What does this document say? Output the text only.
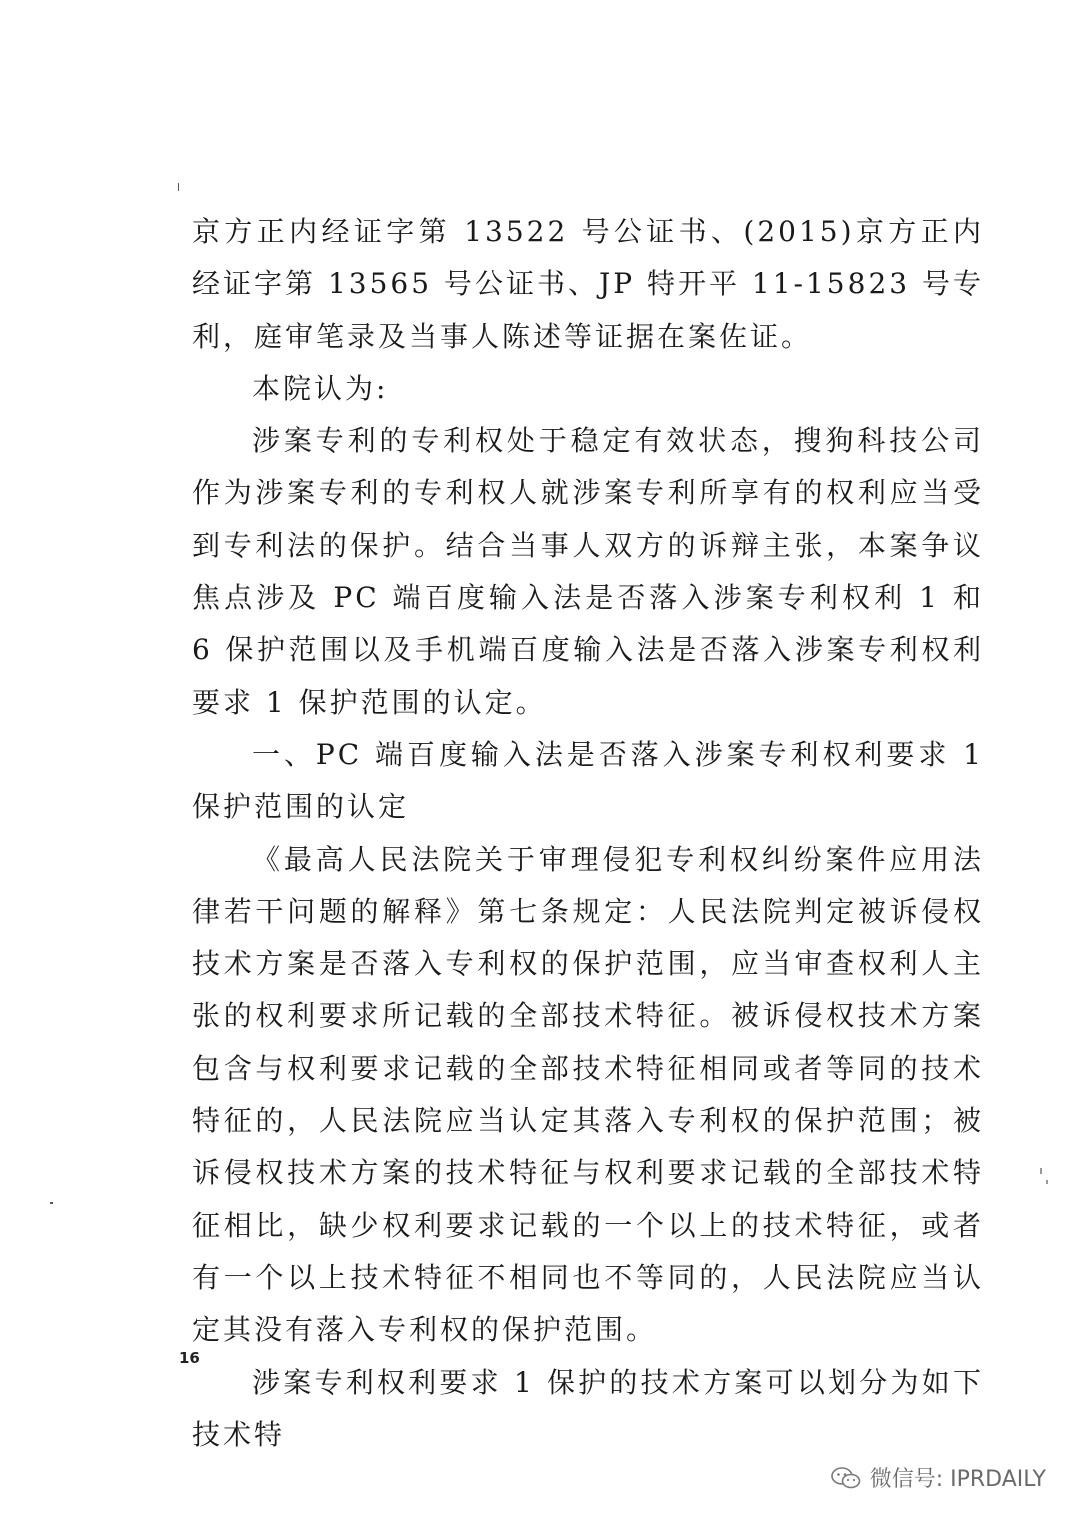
京方正内经证字第 13522 号公证书、(2015)京方正内经证字第 13565 号公证书、JP 特开平 11-15823 号专利，庭审笔录及当事人陈述等证据在案佐证。

本院认为:

涉案专利的专利权处于稳定有效状态，搜狗科技公司作为涉案专利的专利权人就涉案专利所享有的权利应当受到专利法的保护。结合当事人双方的诉辩主张，本案争议焦点涉及 PC 端百度输入法是否落入涉案专利权利 1 和 6 保护范围以及手机端百度输入法是否落入涉案专利权利要求 1 保护范围的认定。

一、PC 端百度输入法是否落入涉案专利权利要求 1 保护范围的认定

《最高人民法院关于审理侵犯专利权纠纷案件应用法律若干问题的解释》第七条规定：人民法院判定被诉侵权技术方案是否落入专利权的保护范围，应当审查权利人主张的权利要求所记载的全部技术特征。被诉侵权技术方案包含与权利要求记载的全部技术特征相同或者等同的技术特征的，人民法院应当认定其落入专利权的保护范围；被诉侵权技术方案的技术特征与权利要求记载的全部技术特征相比，缺少权利要求记载的一个以上的技术特征，或者有一个以上技术特征不相同也不等同的，人民法院应当认定其没有落入专利权的保护范围。

涉案专利权利要求 1 保护的技术方案可以划分为如下技术特

16
微信号: IPRDAILY
